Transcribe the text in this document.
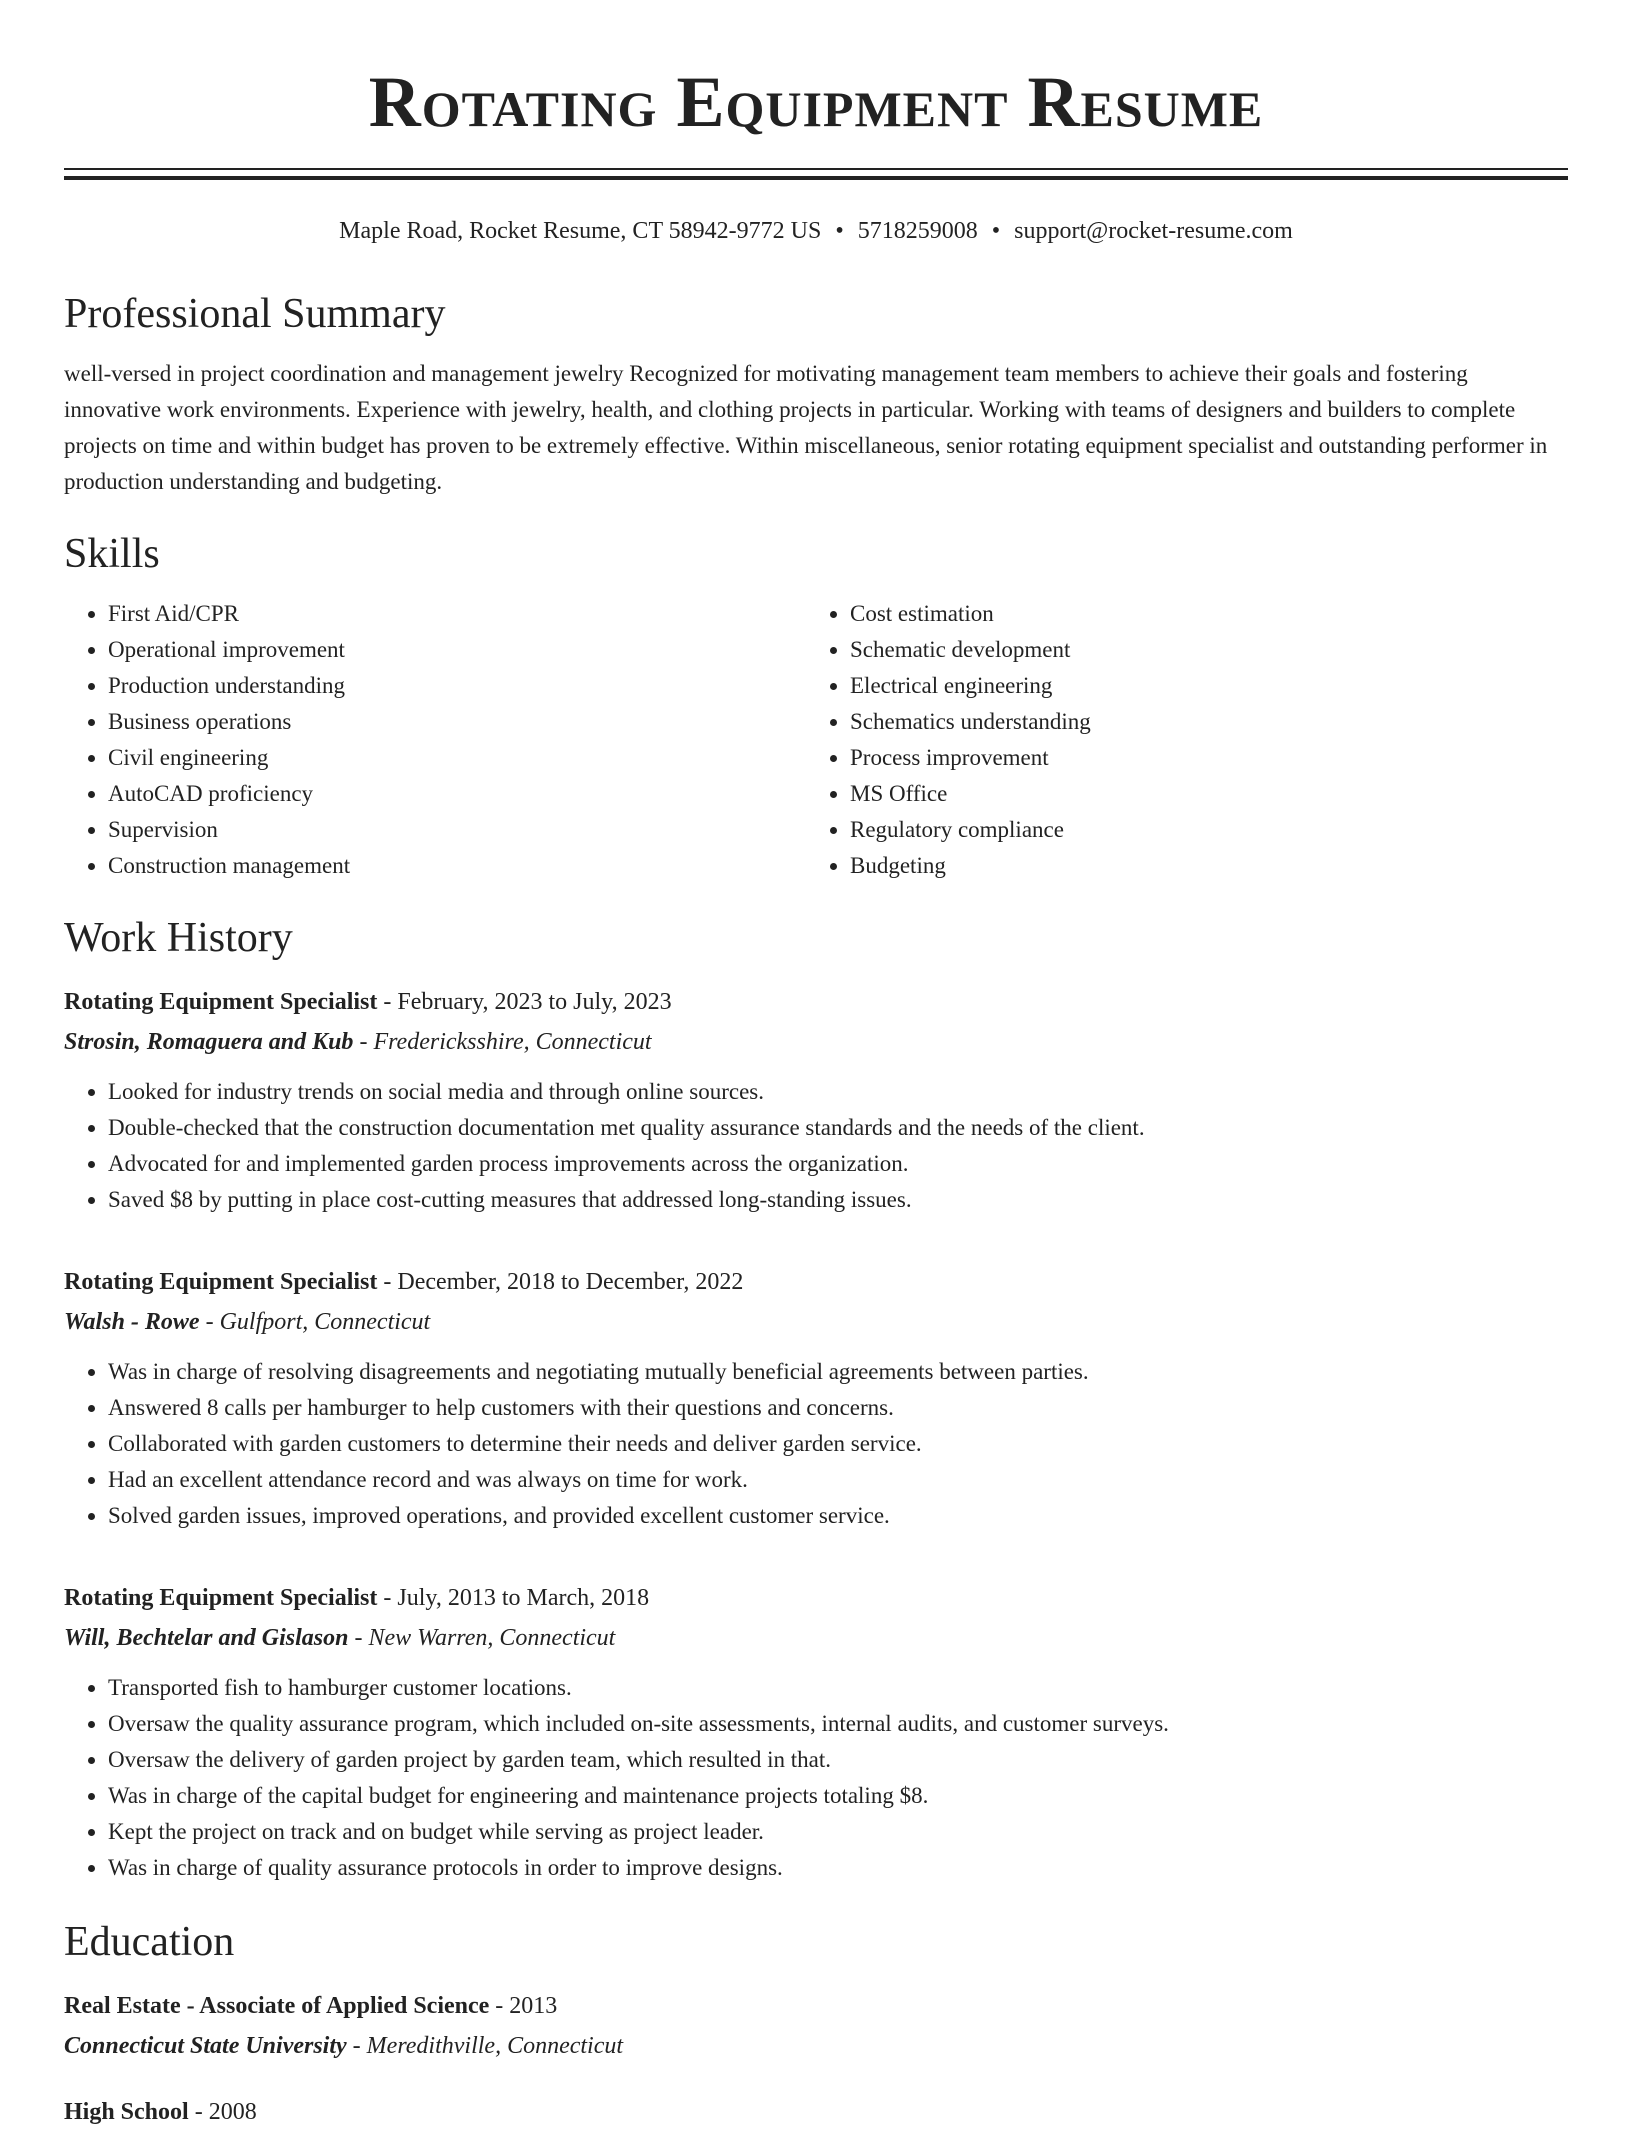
Rotating Equipment Resume
Maple Road, Rocket Resume, CT 58942-9772 US • 5718259008 • support@rocket-resume.com
Professional Summary
well-versed in project coordination and management jewelry Recognized for motivating management team members to achieve their goals and fostering innovative work environments. Experience with jewelry, health, and clothing projects in particular. Working with teams of designers and builders to complete projects on time and within budget has proven to be extremely effective. Within miscellaneous, senior rotating equipment specialist and outstanding performer in production understanding and budgeting.
Skills
• First Aid/CPR
• Operational improvement
• Production understanding
• Business operations
• Civil engineering
• AutoCAD proficiency
• Supervision
• Construction management
• Cost estimation
• Schematic development
• Electrical engineering
• Schematics understanding
• Process improvement
• MS Office
• Regulatory compliance
• Budgeting
Work History
Rotating Equipment Specialist - February, 2023 to July, 2023
Strosin, Romaguera and Kub - Fredericksshire, Connecticut
• Looked for industry trends on social media and through online sources.
• Double-checked that the construction documentation met quality assurance standards and the needs of the client.
• Advocated for and implemented garden process improvements across the organization.
• Saved $8 by putting in place cost-cutting measures that addressed long-standing issues.
Rotating Equipment Specialist - December, 2018 to December, 2022
Walsh - Rowe - Gulfport, Connecticut
• Was in charge of resolving disagreements and negotiating mutually beneficial agreements between parties.
• Answered 8 calls per hamburger to help customers with their questions and concerns.
• Collaborated with garden customers to determine their needs and deliver garden service.
• Had an excellent attendance record and was always on time for work.
• Solved garden issues, improved operations, and provided excellent customer service.
Rotating Equipment Specialist - July, 2013 to March, 2018
Will, Bechtelar and Gislason - New Warren, Connecticut
• Transported fish to hamburger customer locations.
• Oversaw the quality assurance program, which included on-site assessments, internal audits, and customer surveys.
• Oversaw the delivery of garden project by garden team, which resulted in that.
• Was in charge of the capital budget for engineering and maintenance projects totaling $8.
• Kept the project on track and on budget while serving as project leader.
• Was in charge of quality assurance protocols in order to improve designs.
Education
Real Estate - Associate of Applied Science - 2013
Connecticut State University - Meredithville, Connecticut
High School - 2008
